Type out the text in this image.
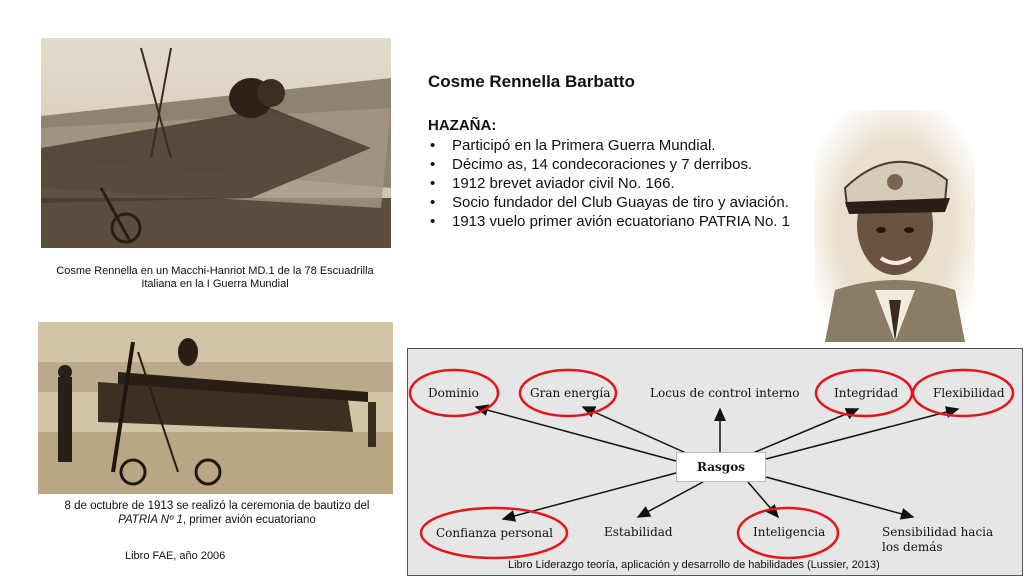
Cosme Rennella en un Macchi-Hanriot MD.1 de la 78 Escuadrilla Italiana en la I Guerra Mundial
8 de octubre de 1913 se realizó la ceremonia de bautizo del PATRIA Nº 1, primer avión ecuatoriano
Libro FAE, año 2006
Cosme Rennella Barbatto
HAZAÑA:
• Participó en la Primera Guerra Mundial.
• Décimo as, 14 condecoraciones y 7 derribos.
• 1912 brevet aviador civil No. 166.
• Socio fundador del Club Guayas de tiro y aviación.
• 1913 vuelo primer avión ecuatoriano PATRIA No. 1
Dominio	Gran energía	Locus de control interno	Integridad	Flexibilidad
Rasgos
Confianza personal	Estabilidad	Inteligencia	Sensibilidad hacia
los demás
Libro Liderazgo teoría, aplicación y desarrollo de habilidades (Lussier, 2013)
